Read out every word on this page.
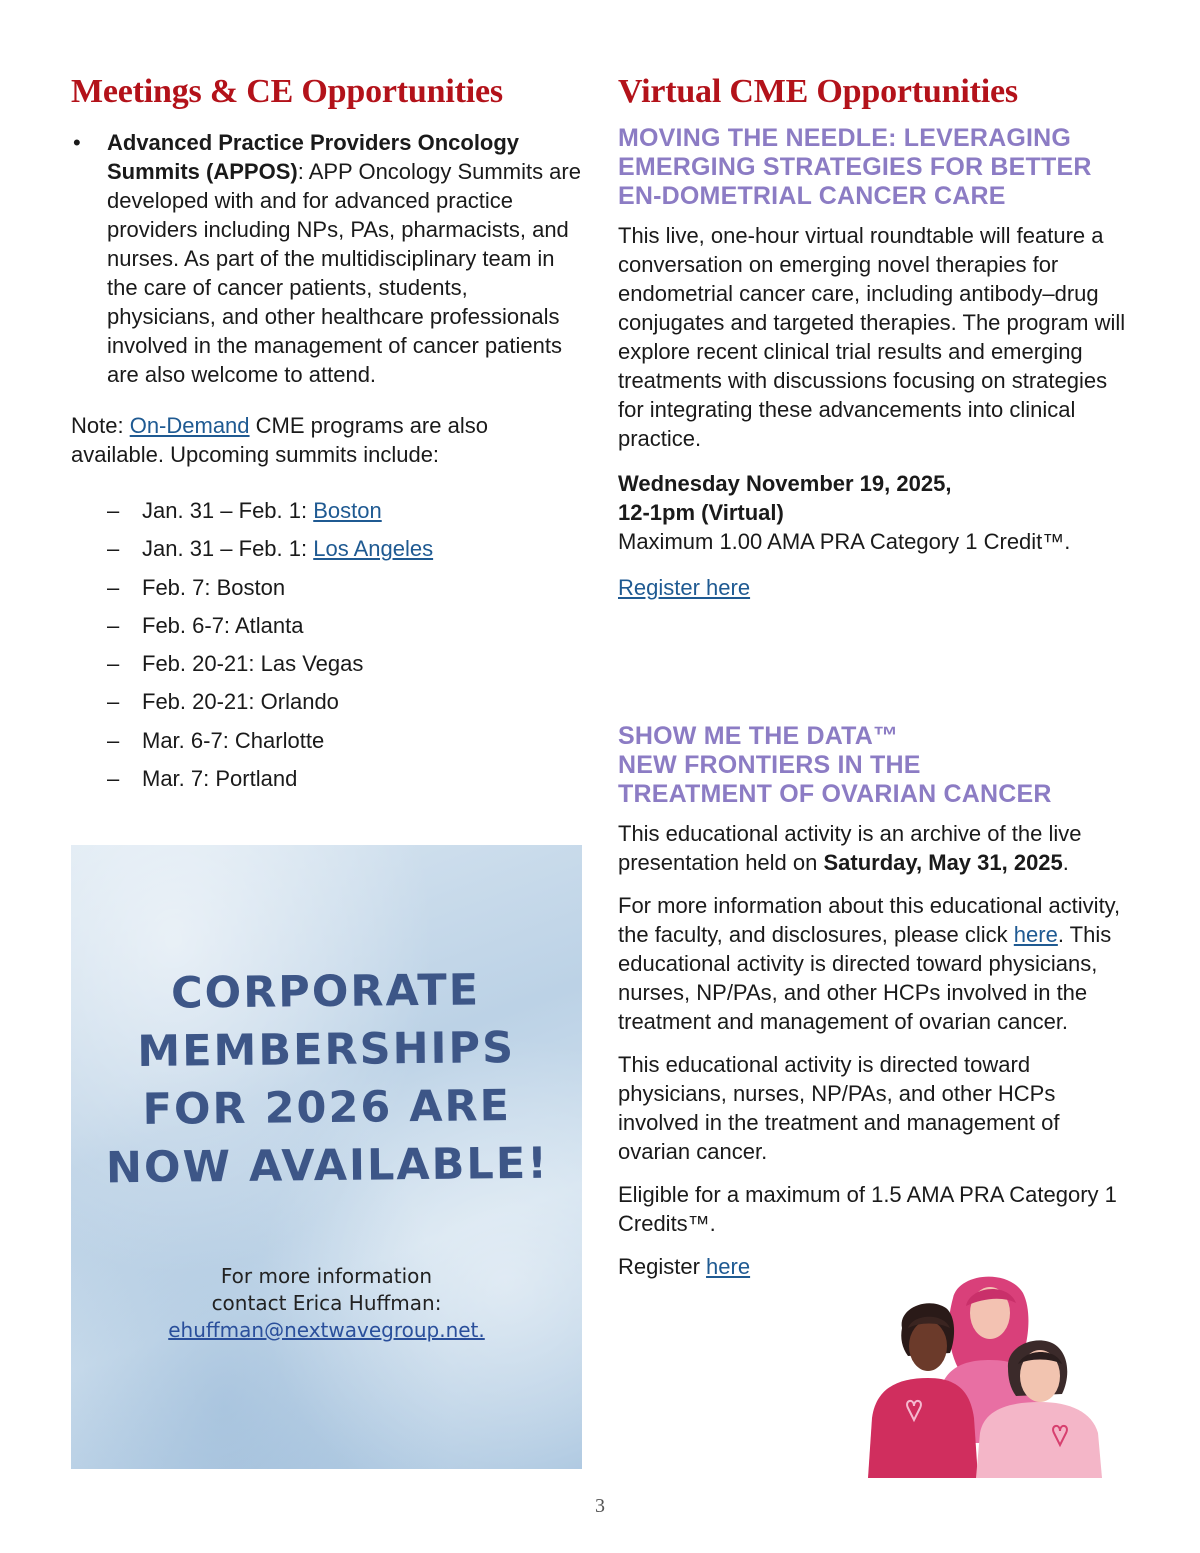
Meetings & CE Opportunities
• Advanced Practice Providers Oncology Summits (APPOS): APP Oncology Summits are developed with and for advanced practice providers including NPs, PAs, pharmacists, and nurses. As part of the multidisciplinary team in the care of cancer patients, students, physicians, and other healthcare professionals involved in the management of cancer patients are also welcome to attend.
Note: On-Demand CME programs are also available. Upcoming summits include:
– Jan. 31 – Feb. 1: Boston
– Jan. 31 – Feb. 1: Los Angeles
– Feb. 7: Boston
– Feb. 6-7: Atlanta
– Feb. 20-21: Las Vegas
– Feb. 20-21: Orlando
– Mar. 6-7: Charlotte
– Mar. 7: Portland
CORPORATE
MEMBERSHIPS
FOR 2026 ARE
NOW AVAILABLE!
For more information
contact Erica Huffman:
ehuffman@nextwavegroup.net.
Virtual CME Opportunities
MOVING THE NEEDLE: LEVERAGING EMERGING STRATEGIES FOR BETTER EN-DOMETRIAL CANCER CARE
This live, one-hour virtual roundtable will feature a conversation on emerging novel therapies for endometrial cancer care, including antibody–drug conjugates and targeted therapies. The program will explore recent clinical trial results and emerging treatments with discussions focusing on strategies for integrating these advancements into clinical practice.
Wednesday November 19, 2025,
12-1pm (Virtual)
Maximum 1.00 AMA PRA Category 1 Credit™.
Register here
SHOW ME THE DATA™
NEW FRONTIERS IN THE
TREATMENT OF OVARIAN CANCER
This educational activity is an archive of the live presentation held on Saturday, May 31, 2025.
For more information about this educational activity, the faculty, and disclosures, please click here. This educational activity is directed toward physicians, nurses, NP/PAs, and other HCPs involved in the treatment and management of ovarian cancer.
This educational activity is directed toward physicians, nurses, NP/PAs, and other HCPs involved in the treatment and management of ovarian cancer.
Eligible for a maximum of 1.5 AMA PRA Category 1 Credits™.
Register here
3
